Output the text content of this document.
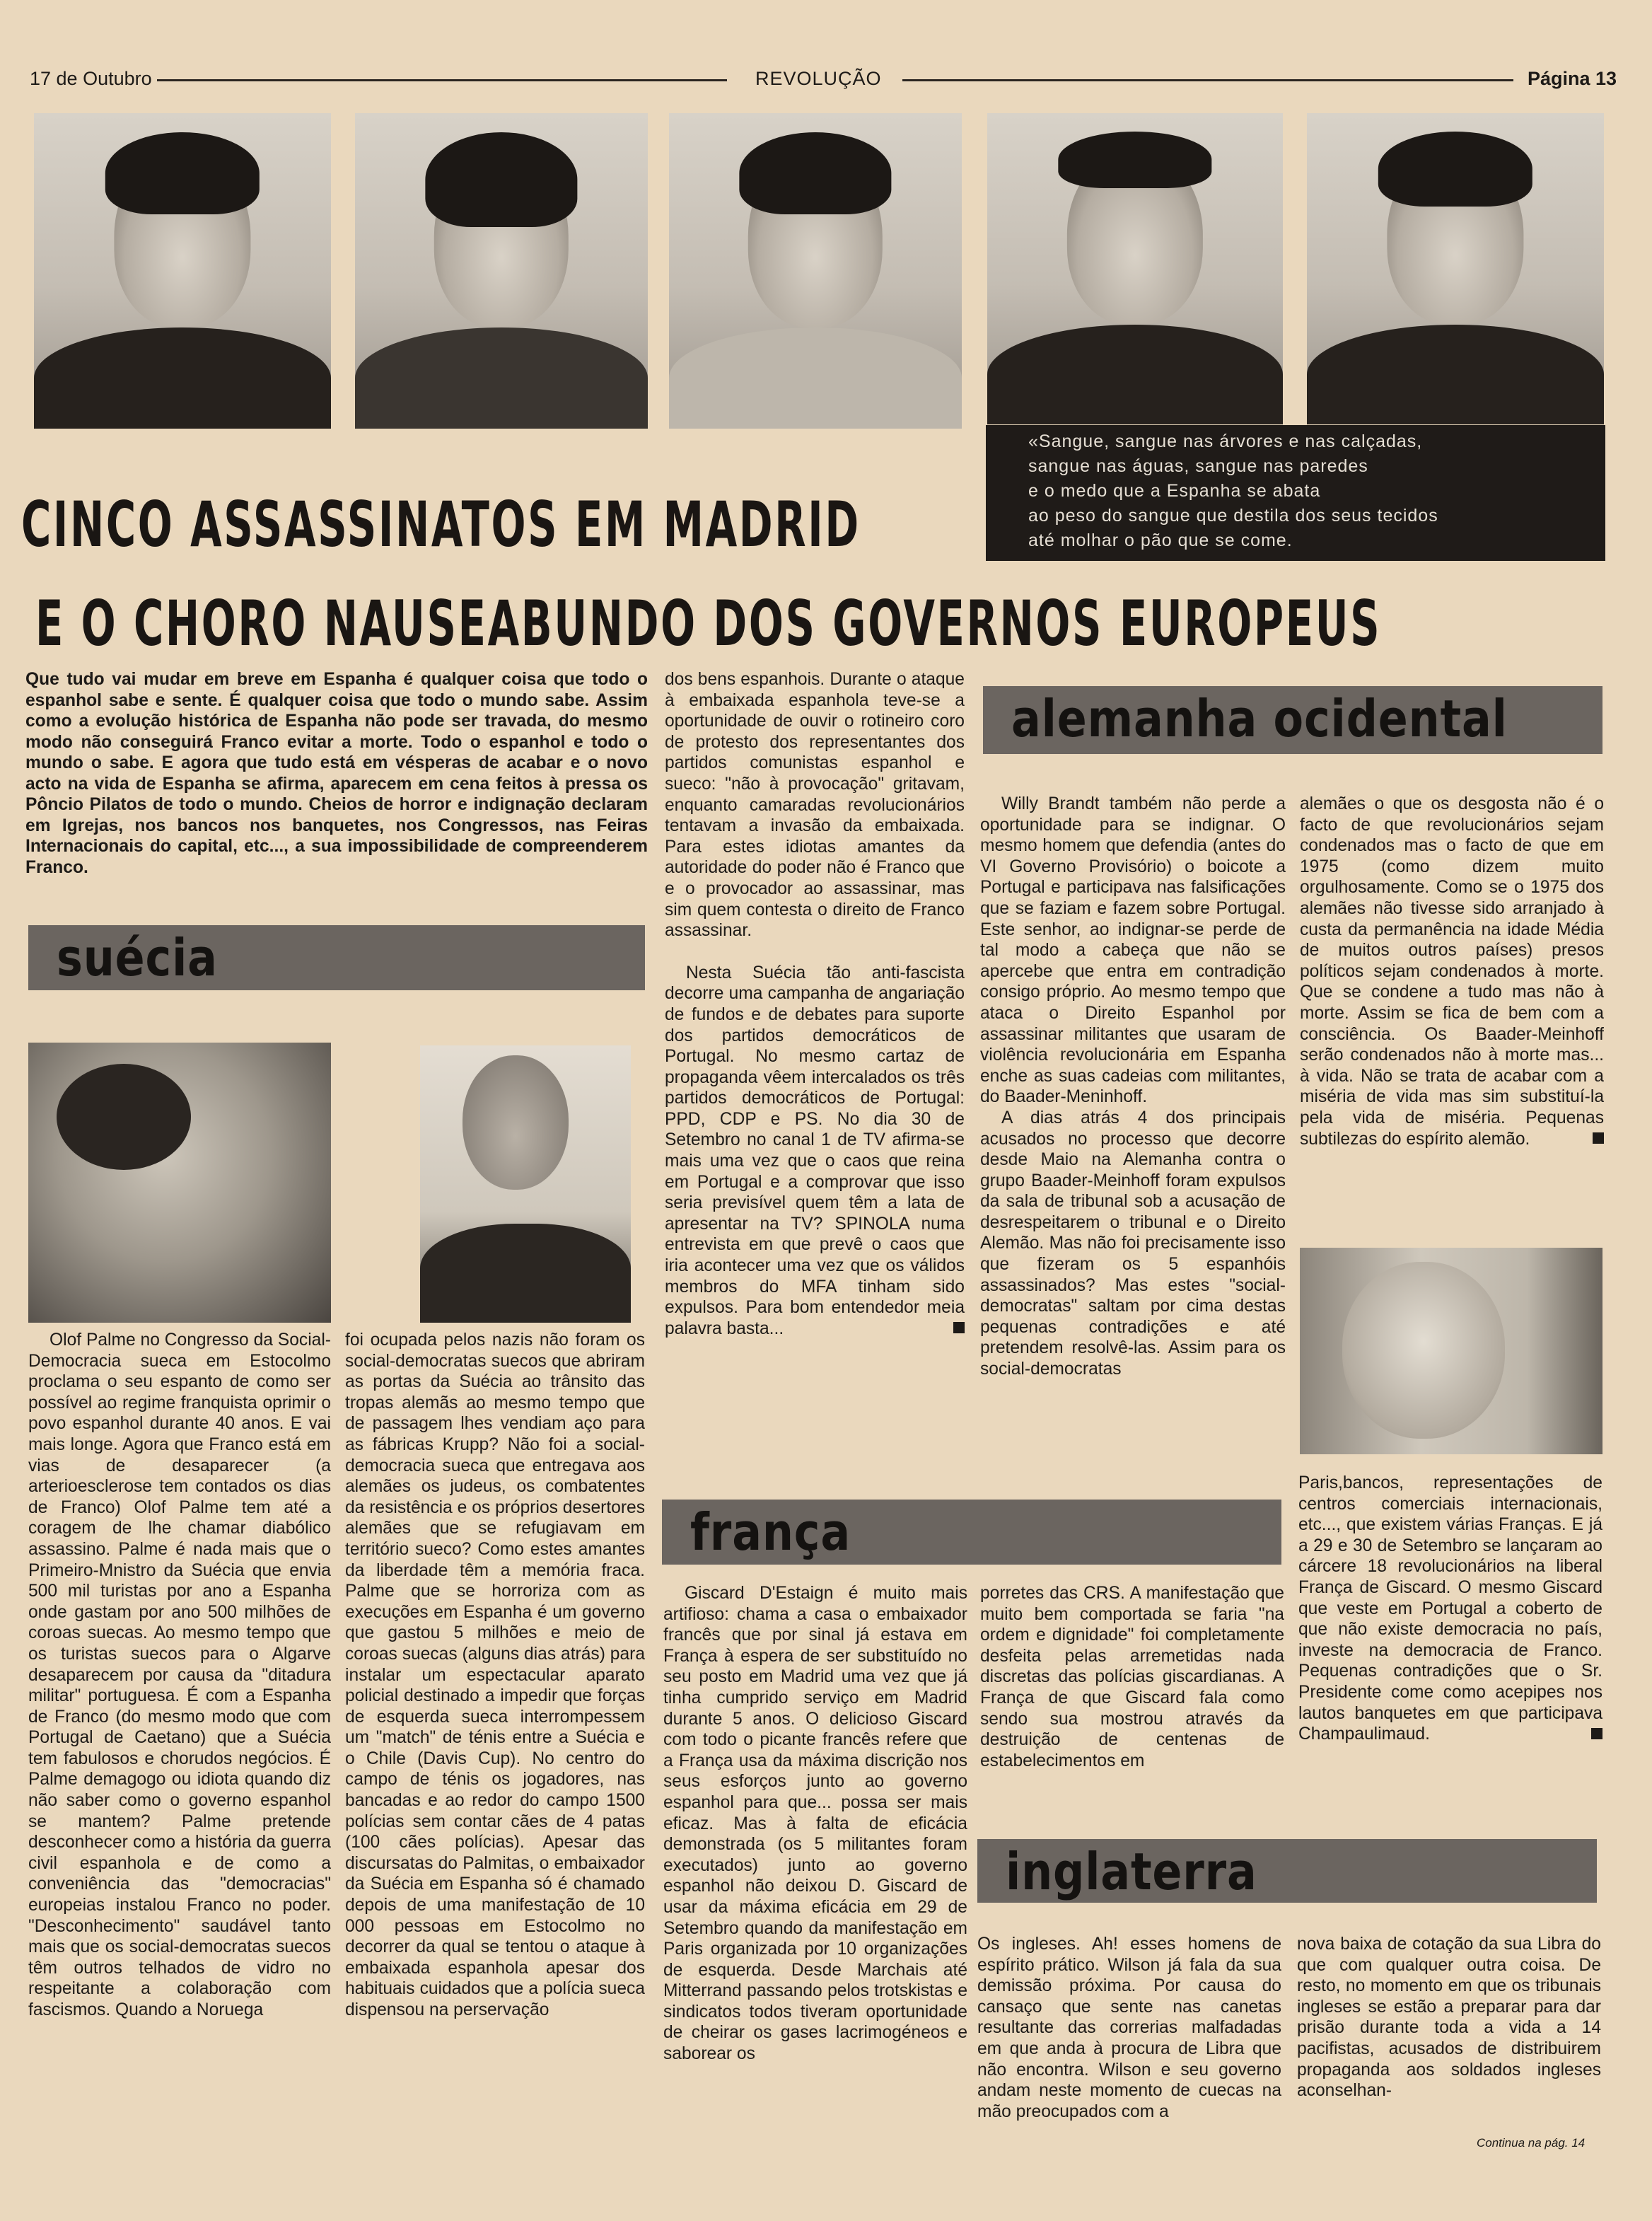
17 de Outubro	REVOLUÇÃO	Página 13
«Sangue, sangue nas árvores e nas calçadas,
sangue nas águas, sangue nas paredes
e o medo que a Espanha se abata
ao peso do sangue que destila dos seus tecidos
até molhar o pão que se come.
CINCO ASSASSINATOS EM MADRID
E O CHORO NAUSEABUNDO DOS GOVERNOS EUROPEUS

Que tudo vai mudar em breve em Espanha é qualquer coisa que todo o espanhol sabe e sente. É qualquer coisa que todo o mundo sabe. Assim como a evolução histórica de Espanha não pode ser travada, do mesmo modo não conseguirá Franco evitar a morte. Todo o espanhol e todo o mundo o sabe. E agora que tudo está em vésperas de acabar e o novo acto na vida de Espanha se afirma, aparecem em cena feitos à pressa os Pôncio Pilatos de todo o mundo. Cheios de horror e indignação declaram em Igrejas, nos bancos nos banquetes, nos Congressos, nas Feiras Internacionais do capital, etc..., a sua impossibilidade de compreenderem Franco.

suécia

Olof Palme no Congresso da Social-Democracia sueca em Estocolmo proclama o seu espanto de como ser possível ao regime franquista oprimir o povo espanhol durante 40 anos. E vai mais longe. Agora que Franco está em vias de desaparecer (a arterioesclerose tem contados os dias de Franco) Olof Palme tem até a coragem de lhe chamar diabólico assassino. Palme é nada mais que o Primeiro-Mnistro da Suécia que envia 500 mil turistas por ano a Espanha onde gastam por ano 500 milhões de coroas suecas. Ao mesmo tempo que os turistas suecos para o Algarve desaparecem por causa da "ditadura militar" portuguesa. É com a Espanha de Franco (do mesmo modo que com Portugal de Caetano) que a Suécia tem fabulosos e chorudos negócios. É Palme demagogo ou idiota quando diz não saber como o governo espanhol se mantem? Palme pretende desconhecer como a história da guerra civil espanhola e de como a conveniência das "democracias" europeias instalou Franco no poder. "Desconhecimento" saudável tanto mais que os social-democratas suecos têm outros telhados de vidro no respeitante a colaboração com fascismos. Quando a Noruega

foi ocupada pelos nazis não foram os social-democratas suecos que abriram as portas da Suécia ao trânsito das tropas alemãs ao mesmo tempo que de passagem lhes vendiam aço para as fábricas Krupp? Não foi a social-democracia sueca que entregava aos alemães os judeus, os combatentes da resistência e os próprios desertores alemães que se refugiavam em território sueco? Como estes amantes da liberdade têm a memória fraca. Palme que se horroriza com as execuções em Espanha é um governo que gastou 5 milhões e meio de coroas suecas (alguns dias atrás) para instalar um espectacular aparato policial destinado a impedir que forças de esquerda sueca interrompessem um "match" de ténis entre a Suécia e o Chile (Davis Cup). No centro do campo de ténis os jogadores, nas bancadas e ao redor do campo 1500 polícias sem contar cães de 4 patas (100 cães polícias). Apesar das discursatas do Palmitas, o embaixador da Suécia em Espanha só é chamado depois de uma manifestação de 10 000 pessoas em Estocolmo no decorrer da qual se tentou o ataque à embaixada espanhola apesar dos habituais cuidados que a polícia sueca dispensou na perservação

dos bens espanhois. Durante o ataque à embaixada espanhola teve-se a oportunidade de ouvir o rotineiro coro de protesto dos representantes dos partidos comunistas espanhol e sueco: "não à provocação" gritavam, enquanto camaradas revolucionários tentavam a invasão da embaixada. Para estes idiotas amantes da autoridade do poder não é Franco que e o provocador ao assassinar, mas sim quem contesta o direito de Franco assassinar.

Nesta Suécia tão anti-fascista decorre uma campanha de angariação de fundos e de debates para suporte dos partidos democráticos de Portugal. No mesmo cartaz de propaganda vêem intercalados os três partidos democráticos de Portugal: PPD, CDP e PS. No dia 30 de Setembro no canal 1 de TV afirma-se mais uma vez que o caos que reina em Portugal e a comprovar que isso seria previsível quem têm a lata de apresentar na TV? SPINOLA numa entrevista em que prevê o caos que iria acontecer uma vez que os válidos membros do MFA tinham sido expulsos. Para bom entendedor meia palavra basta...

alemanha ocidental

Willy Brandt também não perde a oportunidade para se indignar. O mesmo homem que defendia (antes do VI Governo Provisório) o boicote a Portugal e participava nas falsificações que se faziam e fazem sobre Portugal. Este senhor, ao indignar-se perde de tal modo a cabeça que não se apercebe que entra em contradição consigo próprio. Ao mesmo tempo que ataca o Direito Espanhol por assassinar militantes que usaram de violência revolucionária em Espanha enche as suas cadeias com militantes, do Baader-Meninhoff.

A dias atrás 4 dos principais acusados no processo que decorre desde Maio na Alemanha contra o grupo Baader-Meinhoff foram expulsos da sala de tribunal sob a acusação de desrespeitarem o tribunal e o Direito Alemão. Mas não foi precisamente isso que fizeram os 5 espanhóis assassinados? Mas estes "social-democratas" saltam por cima destas pequenas contradições e até pretendem resolvê-las. Assim para os social-democratas

alemães o que os desgosta não é o facto de que revolucionários sejam condenados mas o facto de que em 1975 (como dizem muito orgulhosamente. Como se o 1975 dos alemães não tivesse sido arranjado à custa da permanência na idade Média de muitos outros países) presos políticos sejam condenados à morte. Que se condene a tudo mas não à morte. Assim se fica de bem com a consciência. Os Baader-Meinhoff serão condenados não à morte mas... à vida. Não se trata de acabar com a miséria de vida mas sim substituí-la pela vida de miséria. Pequenas subtilezas do espírito alemão.

frança

Giscard D'Estaign é muito mais artifioso: chama a casa o embaixador francês que por sinal já estava em França à espera de ser substituído no seu posto em Madrid uma vez que já tinha cumprido serviço em Madrid durante 5 anos. O delicioso Giscard com todo o picante francês refere que a França usa da máxima discrição nos seus esforços junto ao governo espanhol para que... possa ser mais eficaz. Mas à falta de eficácia demonstrada (os 5 militantes foram executados) junto ao governo espanhol não deixou D. Giscard de usar da máxima eficácia em 29 de Setembro quando da manifestação em Paris organizada por 10 organizações de esquerda. Desde Marchais até Mitterrand passando pelos trotskistas e sindicatos todos tiveram oportunidade de cheirar os gases lacrimogéneos e saborear os

porretes das CRS. A manifestação que muito bem comportada se faria "na ordem e dignidade" foi completamente desfeita pelas arremetidas nada discretas das polícias giscardianas. A França de que Giscard fala como sendo sua mostrou através da destruição de centenas de estabelecimentos em

Paris,bancos, representações de centros comerciais internacionais, etc..., que existem várias Franças. E já a 29 e 30 de Setembro se lançaram ao cárcere 18 revolucionários na liberal França de Giscard. O mesmo Giscard que veste em Portugal a coberto de que não existe democracia no país, investe na democracia de Franco. Pequenas contradições que o Sr. Presidente come como acepipes nos lautos banquetes em que participava Champaulimaud.

inglaterra

Os ingleses. Ah! esses homens de espírito prático. Wilson já fala da sua demissão próxima. Por causa do cansaço que sente nas canetas resultante das correrias malfadadas em que anda à procura de Libra que não encontra. Wilson e seu governo andam neste momento de cuecas na mão preocupados com a

nova baixa de cotação da sua Libra do que com qualquer outra coisa. De resto, no momento em que os tribunais ingleses se estão a preparar para dar prisão durante toda a vida a 14 pacifistas, acusados de distribuirem propaganda aos soldados ingleses aconselhan-

Continua na pág. 14
